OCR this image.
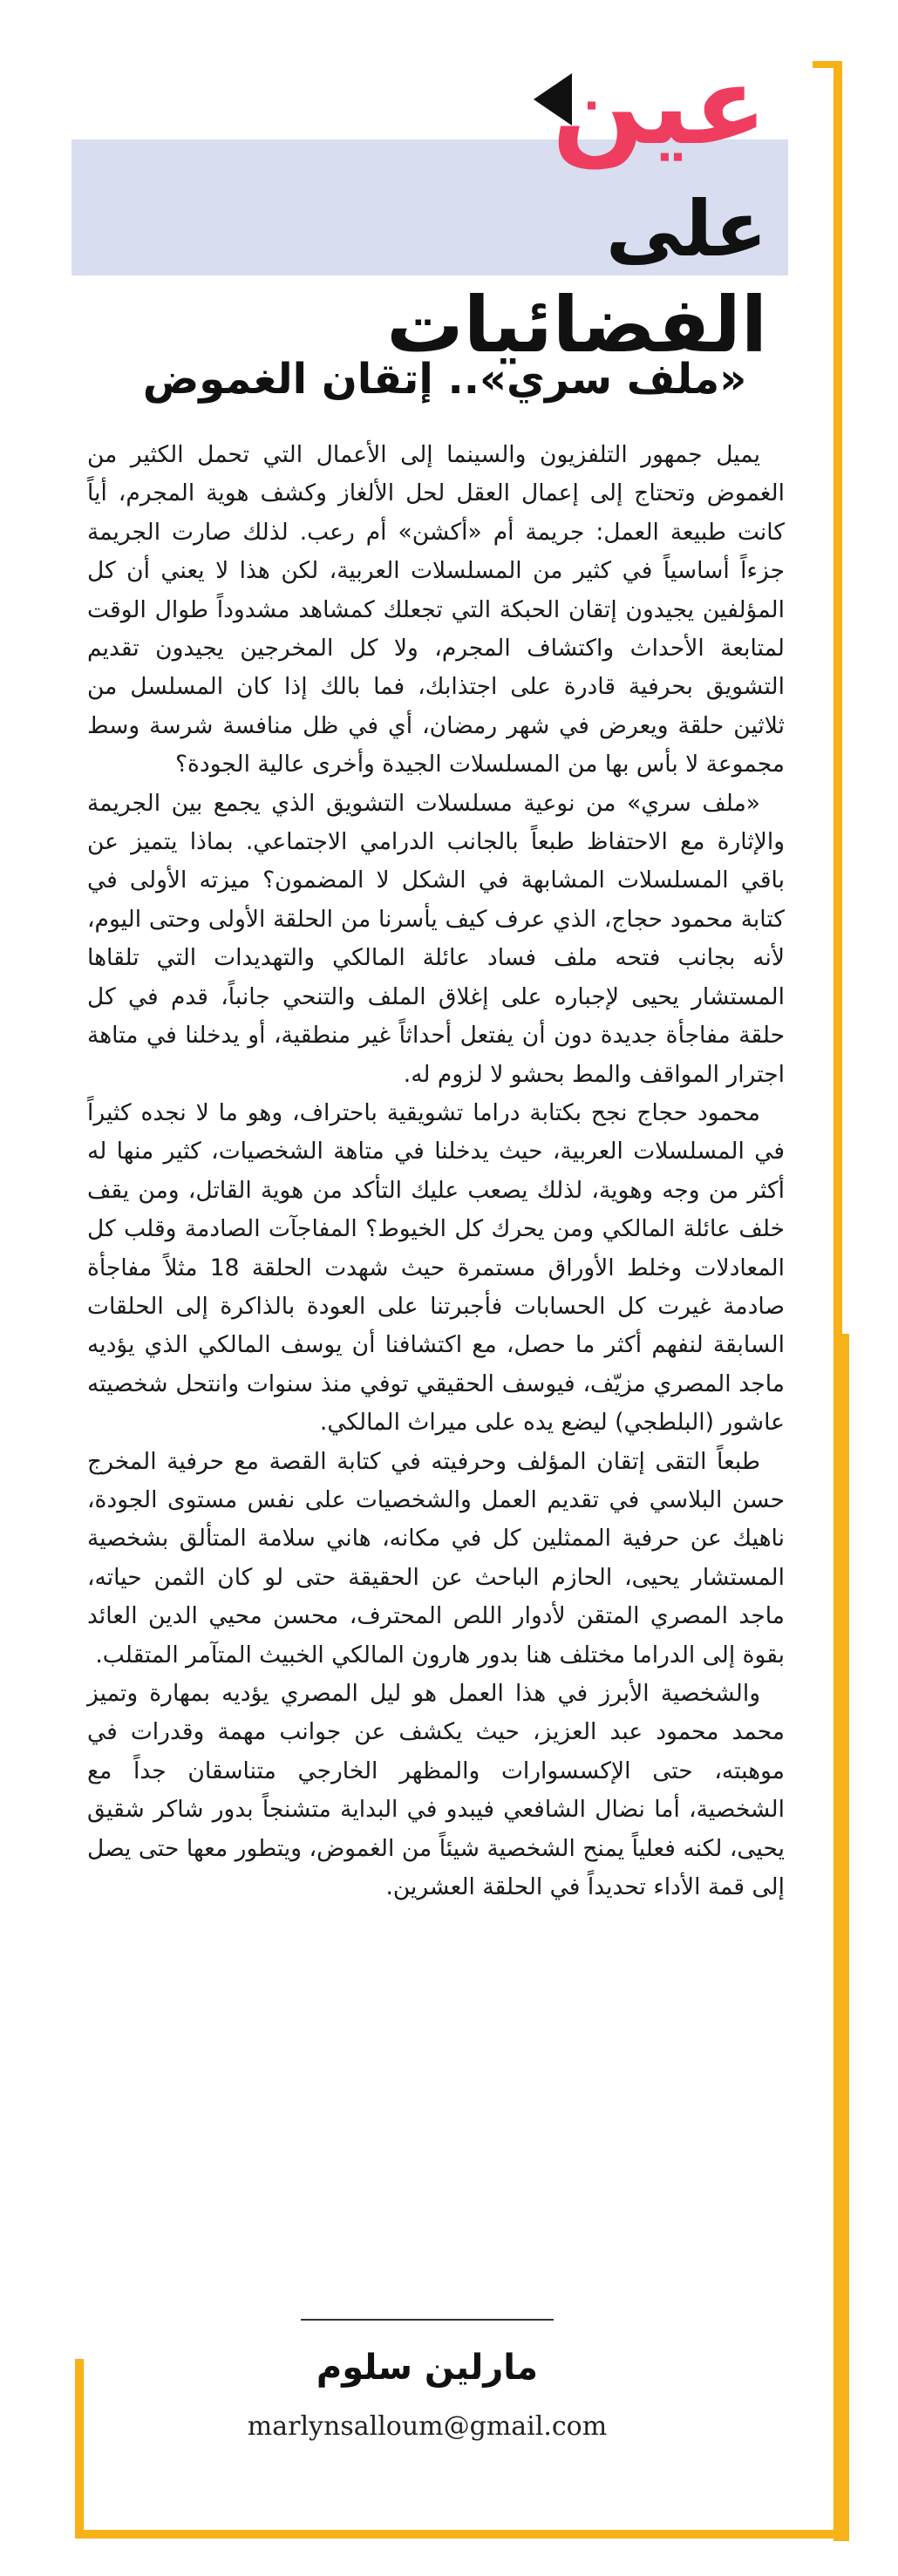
عين
على الفضائيات
«ملف سري».. إتقان الغموض

يميل جمهور التلفزيون والسينما إلى الأعمال التي تحمل الكثير من الغموض وتحتاج إلى إعمال العقل لحل الألغاز وكشف هوية المجرم، أياً كانت طبيعة العمل: جريمة أم «أكشن» أم رعب. لذلك صارت الجريمة جزءاً أساسياً في كثير من المسلسلات العربية، لكن هذا لا يعني أن كل المؤلفين يجيدون إتقان الحبكة التي تجعلك كمشاهد مشدوداً طوال الوقت لمتابعة الأحداث واكتشاف المجرم، ولا كل المخرجين يجيدون تقديم التشويق بحرفية قادرة على اجتذابك، فما بالك إذا كان المسلسل من ثلاثين حلقة ويعرض في شهر رمضان، أي في ظل منافسة شرسة وسط مجموعة لا بأس بها من المسلسلات الجيدة وأخرى عالية الجودة؟

«ملف سري» من نوعية مسلسلات التشويق الذي يجمع بين الجريمة والإثارة مع الاحتفاظ طبعاً بالجانب الدرامي الاجتماعي. بماذا يتميز عن باقي المسلسلات المشابهة في الشكل لا المضمون؟ ميزته الأولى في كتابة محمود حجاج، الذي عرف كيف يأسرنا من الحلقة الأولى وحتى اليوم، لأنه بجانب فتحه ملف فساد عائلة المالكي والتهديدات التي تلقاها المستشار يحيى لإجباره على إغلاق الملف والتنحي جانباً، قدم في كل حلقة مفاجأة جديدة دون أن يفتعل أحداثاً غير منطقية، أو يدخلنا في متاهة اجترار المواقف والمط بحشو لا لزوم له.

محمود حجاج نجح بكتابة دراما تشويقية باحتراف، وهو ما لا نجده كثيراً في المسلسلات العربية، حيث يدخلنا في متاهة الشخصيات، كثير منها له أكثر من وجه وهوية، لذلك يصعب عليك التأكد من هوية القاتل، ومن يقف خلف عائلة المالكي ومن يحرك كل الخيوط؟ المفاجآت الصادمة وقلب كل المعادلات وخلط الأوراق مستمرة حيث شهدت الحلقة 18 مثلاً مفاجأة صادمة غيرت كل الحسابات فأجبرتنا على العودة بالذاكرة إلى الحلقات السابقة لنفهم أكثر ما حصل، مع اكتشافنا أن يوسف المالكي الذي يؤديه ماجد المصري مزيّف، فيوسف الحقيقي توفي منذ سنوات وانتحل شخصيته عاشور (البلطجي) ليضع يده على ميراث المالكي.

طبعاً التقى إتقان المؤلف وحرفيته في كتابة القصة مع حرفية المخرج حسن البلاسي في تقديم العمل والشخصيات على نفس مستوى الجودة، ناهيك عن حرفية الممثلين كل في مكانه، هاني سلامة المتألق بشخصية المستشار يحيى، الحازم الباحث عن الحقيقة حتى لو كان الثمن حياته، ماجد المصري المتقن لأدوار اللص المحترف، محسن محيي الدين العائد بقوة إلى الدراما مختلف هنا بدور هارون المالكي الخبيث المتآمر المتقلب.

والشخصية الأبرز في هذا العمل هو ليل المصري يؤديه بمهارة وتميز محمد محمود عبد العزيز، حيث يكشف عن جوانب مهمة وقدرات في موهبته، حتى الإكسسوارات والمظهر الخارجي متناسقان جداً مع الشخصية، أما نضال الشافعي فيبدو في البداية متشنجاً بدور شاكر شقيق يحيى، لكنه فعلياً يمنح الشخصية شيئاً من الغموض، ويتطور معها حتى يصل إلى قمة الأداء تحديداً في الحلقة العشرين.

مارلين سلوم
marlynsalloum@gmail.com
